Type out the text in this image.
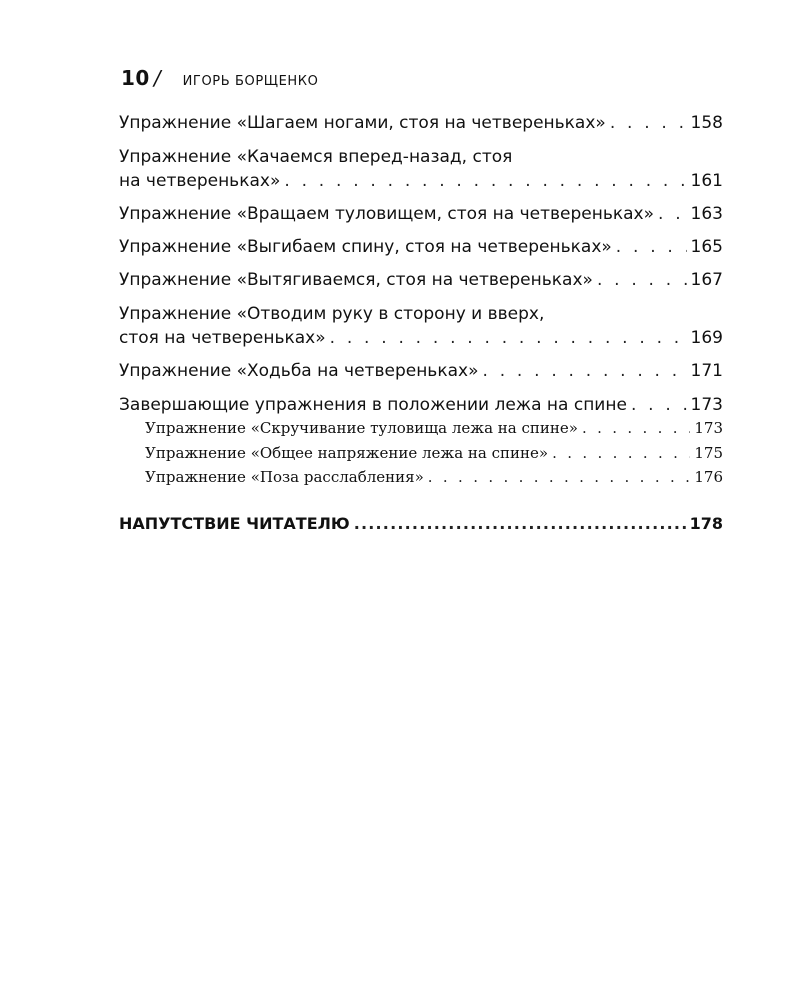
10 / ИГОРЬ БОРЩЕНКО
Упражнение «Шагаем ногами, стоя на четвереньках» . . .	158
Упражнение «Качаемся вперед-назад, стоя
на четвереньках» . . .	161
Упражнение «Вращаем туловищем, стоя на четвереньках» . . . 163
Упражнение «Выгибаем спину, стоя на четвереньках» . . .	165
Упражнение «Вытягиваемся, стоя на четвереньках» . . .	167
Упражнение «Отводим руку в сторону и вверх,
стоя на четвереньках» . . .	169
Упражнение «Ходьба на четвереньках» . . .	171
Завершающие упражнения в положении лежа на спине . . .	173
Упражнение «Скручивание туловища лежа на спине» . . .	173
Упражнение «Общее напряжение лежа на спине» . . .	175
Упражнение «Поза расслабления» . . .	176
НАПУТСТВИЕ ЧИТАТЕЛЮ .....	178
